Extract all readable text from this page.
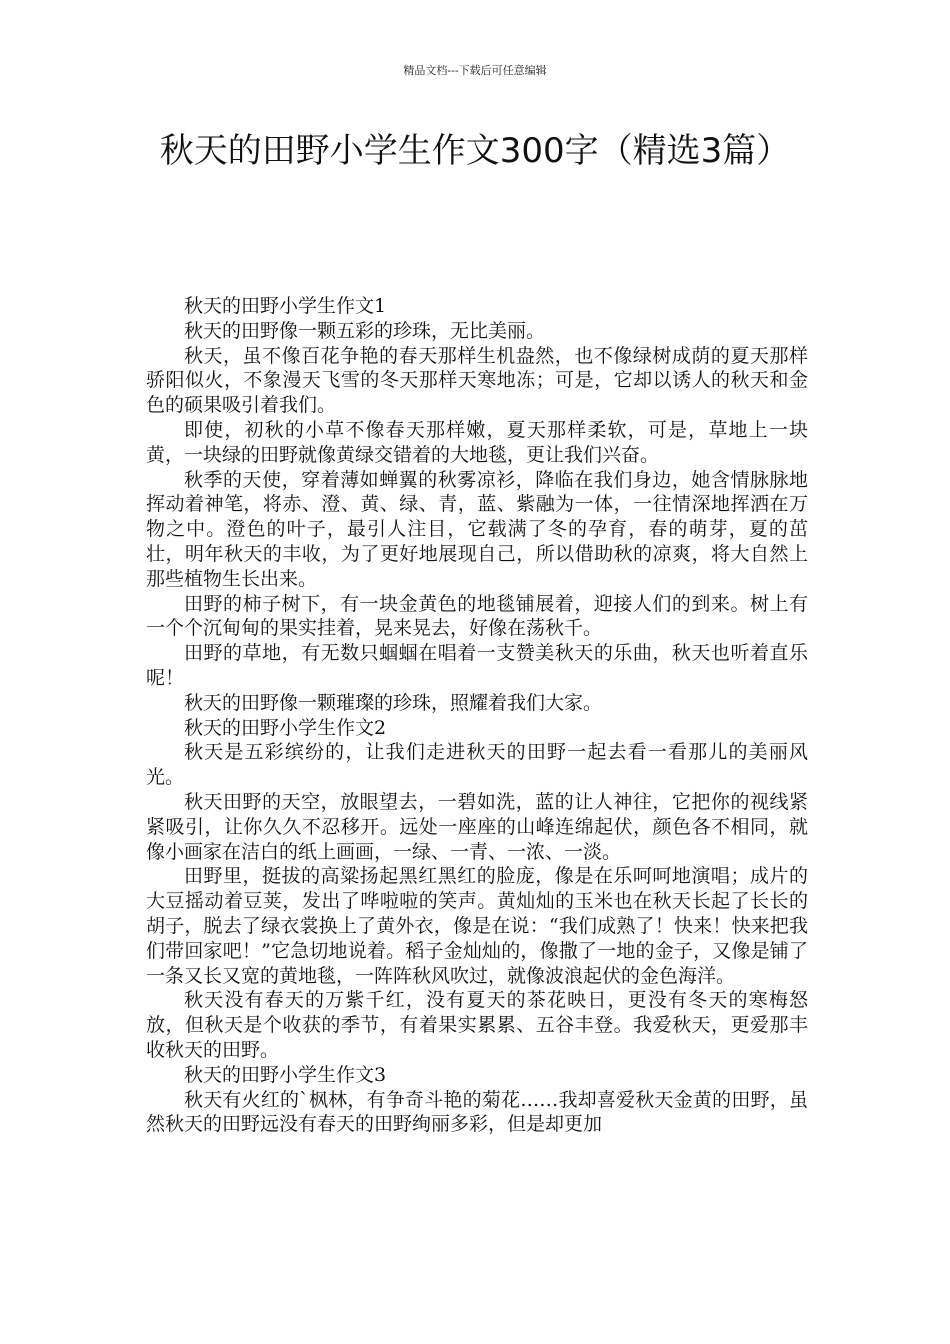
精品文档---下载后可任意编辑
秋天的田野小学生作文300字（精选3篇）

秋天的田野小学生作文1

秋天的田野像一颗五彩的珍珠，无比美丽。

秋天，虽不像百花争艳的春天那样生机盎然，也不像绿树成荫的夏天那样骄阳似火，不象漫天飞雪的冬天那样天寒地冻；可是，它却以诱人的秋天和金色的硕果吸引着我们。

即使，初秋的小草不像春天那样嫩，夏天那样柔软，可是，草地上一块黄，一块绿的田野就像黄绿交错着的大地毯，更让我们兴奋。

秋季的天使，穿着薄如蝉翼的秋雾凉衫，降临在我们身边，她含情脉脉地挥动着神笔，将赤、澄、黄、绿、青，蓝、紫融为一体，一往情深地挥洒在万物之中。澄色的叶子，最引人注目，它载满了冬的孕育，春的萌芽，夏的茁壮，明年秋天的丰收，为了更好地展现自己，所以借助秋的凉爽，将大自然上那些植物生长出来。

田野的柿子树下，有一块金黄色的地毯铺展着，迎接人们的到来。树上有一个个沉甸甸的果实挂着，晃来晃去，好像在荡秋千。

田野的草地，有无数只蝈蝈在唱着一支赞美秋天的乐曲，秋天也听着直乐呢！

秋天的田野像一颗璀璨的珍珠，照耀着我们大家。

秋天的田野小学生作文2

秋天是五彩缤纷的，让我们走进秋天的田野一起去看一看那儿的美丽风光。

秋天田野的天空，放眼望去，一碧如洗，蓝的让人神往，它把你的视线紧紧吸引，让你久久不忍移开。远处一座座的山峰连绵起伏，颜色各不相同，就像小画家在洁白的纸上画画，一绿、一青、一浓、一淡。

田野里，挺拔的高粱扬起黑红黑红的脸庞，像是在乐呵呵地演唱；成片的大豆摇动着豆荚，发出了哗啦啦的笑声。黄灿灿的玉米也在秋天长起了长长的胡子，脱去了绿衣裳换上了黄外衣，像是在说：“我们成熟了！快来！快来把我们带回家吧！”它急切地说着。稻子金灿灿的，像撒了一地的金子，又像是铺了一条又长又宽的黄地毯，一阵阵秋风吹过，就像波浪起伏的金色海洋。

秋天没有春天的万紫千红，没有夏天的茶花映日，更没有冬天的寒梅怒放，但秋天是个收获的季节，有着果实累累、五谷丰登。我爱秋天，更爱那丰收秋天的田野。

秋天的田野小学生作文3

秋天有火红的`枫林，有争奇斗艳的菊花……我却喜爱秋天金黄的田野，虽然秋天的田野远没有春天的田野绚丽多彩，但是却更加
